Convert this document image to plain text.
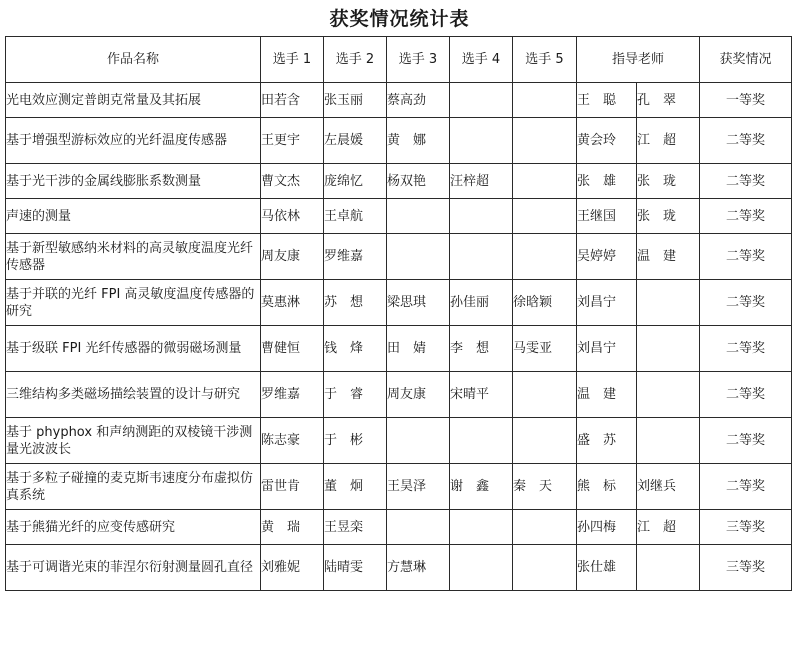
获奖情况统计表
作品名称	选手 1	选手 2	选手 3	选手 4	选手 5	指导老师		获奖情况
光电效应测定普朗克常量及其拓展	田若含	张玉丽	蔡高劲			王　聪	孔　翠	一等奖
基于增强型游标效应的光纤温度传感器	王更宇	左晨媛	黄　娜			黄会玲	江　超	二等奖
基于光干涉的金属线膨胀系数测量	曹文杰	庞绵忆	杨双艳	汪梓超		张　雄	张　珑	二等奖
声速的测量	马依林	王卓航				王继国	张　珑	二等奖
基于新型敏感纳米材料的高灵敏度温度光纤传感器	周友康	罗维嘉				吴婷婷	温　建	二等奖
基于并联的光纤 FPI 高灵敏度温度传感器的研究	莫惠淋	苏　想	梁思琪	孙佳丽	徐晗颖	刘昌宁		二等奖
基于级联 FPI 光纤传感器的微弱磁场测量	曹健恒	钱　烽	田　婧	李　想	马雯亚	刘昌宁		二等奖
三维结构多类磁场描绘装置的设计与研究	罗维嘉	于　睿	周友康	宋晴平		温　建		二等奖
基于 phyphox 和声纳测距的双棱镜干涉测量光波波长	陈志豪	于　彬				盛　苏		二等奖
基于多粒子碰撞的麦克斯韦速度分布虚拟仿真系统	雷世肯	董　炯	王昊泽	谢　鑫	秦　天	熊　标	刘继兵	二等奖
基于熊猫光纤的应变传感研究	黄　瑞	王昱栾				孙四梅	江　超	三等奖
基于可调谐光束的菲涅尔衍射测量圆孔直径	刘雅妮	陆晴雯	方慧琳			张仕雄		三等奖
